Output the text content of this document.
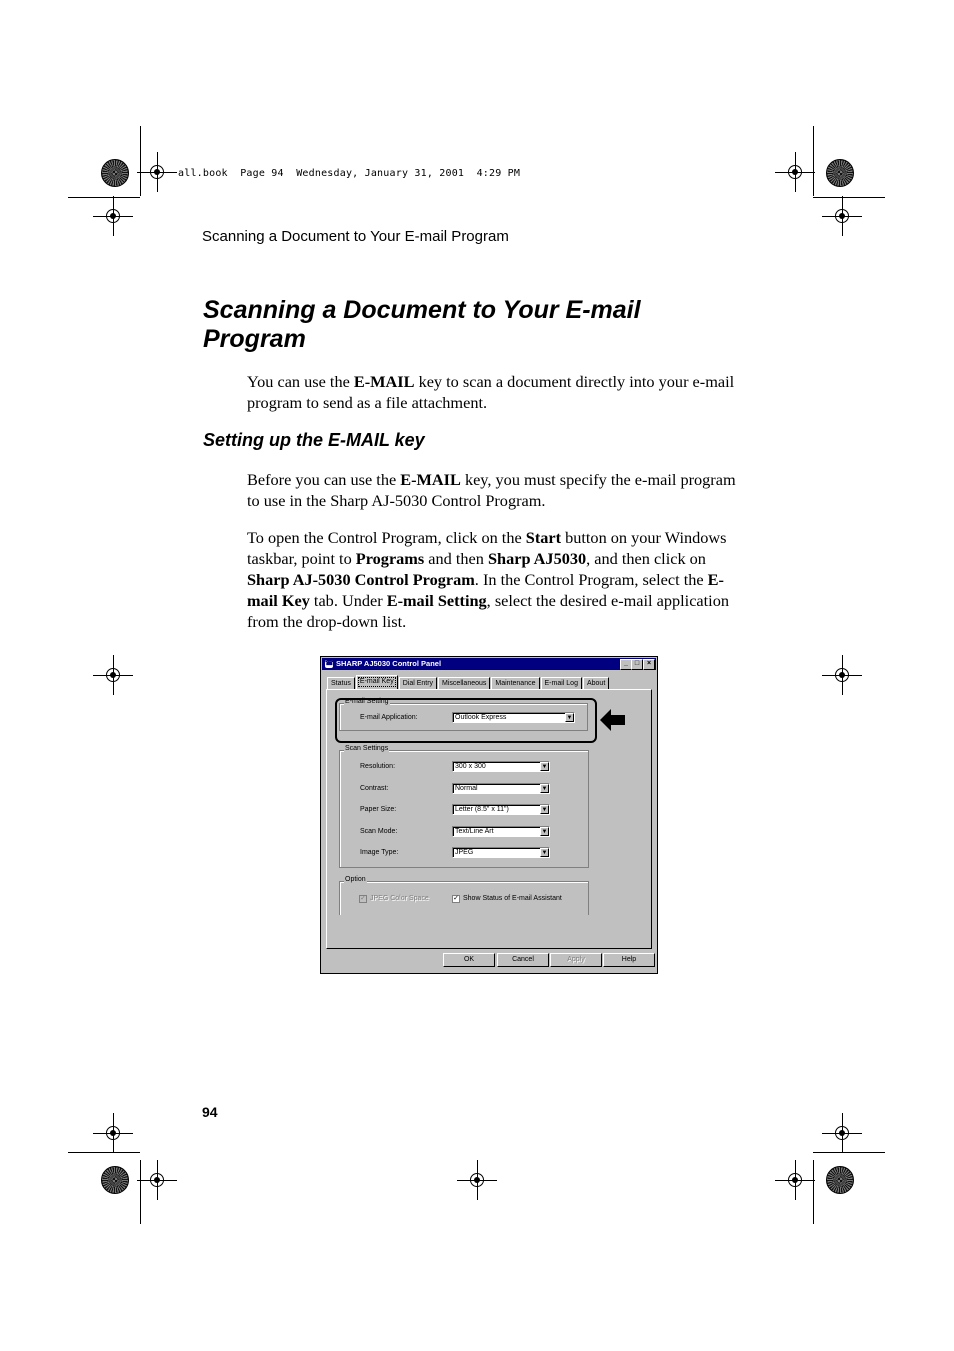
all.book  Page 94  Wednesday, January 31, 2001  4:29 PM
Scanning a Document to Your E-mail Program
Scanning a Document to Your E-mail Program

You can use the E-MAIL key to scan a document directly into your e-mail program to send as a file attachment.

Setting up the E-MAIL key

Before you can use the E-MAIL key, you must specify the e-mail program to use in the Sharp AJ-5030 Control Program.

To open the Control Program, click on the Start button on your Windows taskbar, point to Programs and then Sharp AJ5030, and then click on Sharp AJ-5030 Control Program. In the Control Program, select the E-mail Key tab. Under E-mail Setting, select the desired e-mail application from the drop-down list.

☎ SHARP AJ5030 Control Panel	_ □	×
Status	E-mail Key	Dial Entry	Miscellaneous	Maintenance	E-mail Log	About
E-mail Setting
E-mail Application:	Outlook Express	▼
Scan Settings
Resolution:	300 x 300	▼
Contrast:	Normal	▼
Paper Size:	Letter (8.5" x 11")	▼
Scan Mode:	Text/Line Art	▼
Image Type:	JPEG	▼
Option
✓ JPEG Color Space	✓ Show Status of E-mail Assistant
OK	Cancel	Apply	Help
94
